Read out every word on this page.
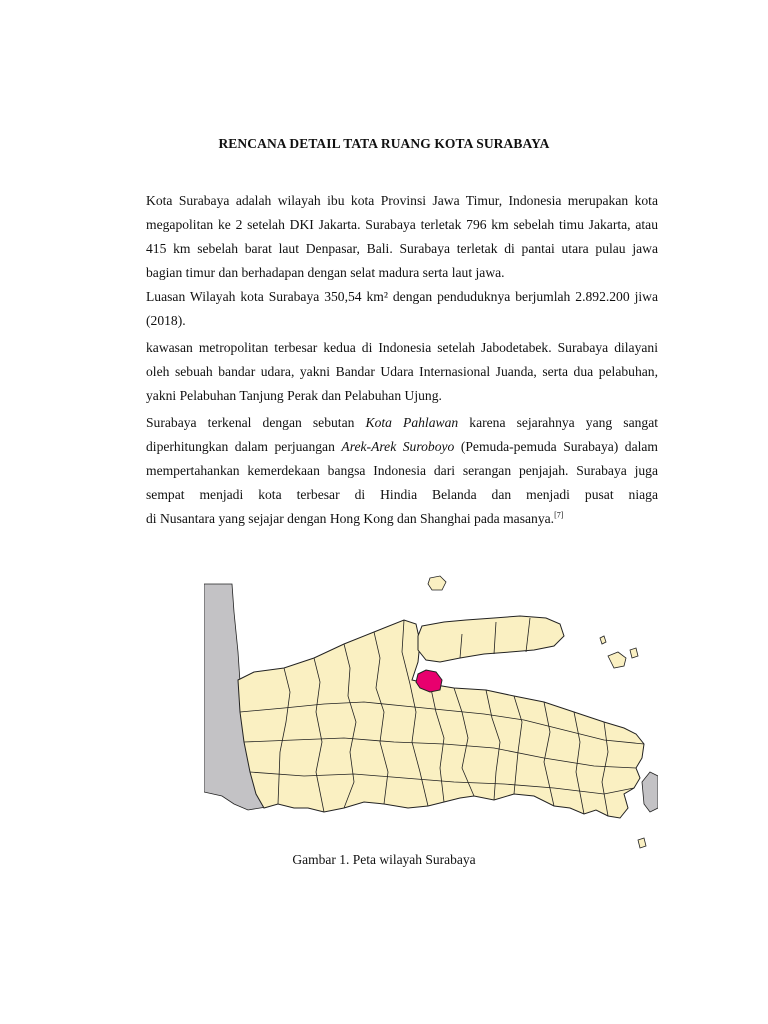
RENCANA DETAIL TATA RUANG KOTA SURABAYA
Kota Surabaya adalah wilayah ibu kota Provinsi Jawa Timur, Indonesia merupakan kota
megapolitan ke 2 setelah DKI Jakarta. Surabaya terletak 796 km sebelah timu Jakarta, atau
415 km sebelah barat laut Denpasar, Bali. Surabaya terletak di pantai utara pulau jawa
bagian timur dan berhadapan dengan selat madura serta laut jawa.
Luasan Wilayah kota Surabaya 350,54 km² dengan penduduknya berjumlah 2.892.200 jiwa
(2018).
kawasan metropolitan terbesar kedua di Indonesia setelah Jabodetabek. Surabaya dilayani
oleh sebuah bandar udara, yakni Bandar Udara Internasional Juanda, serta dua pelabuhan,
yakni Pelabuhan Tanjung Perak dan Pelabuhan Ujung.
Surabaya terkenal dengan sebutan Kota Pahlawan karena sejarahnya yang sangat
diperhitungkan dalam perjuangan Arek-Arek Suroboyo (Pemuda-pemuda Surabaya) dalam
mempertahankan kemerdekaan bangsa Indonesia dari serangan penjajah. Surabaya juga
sempat menjadi kota terbesar di Hindia Belanda dan menjadi pusat niaga
di Nusantara yang sejajar dengan Hong Kong dan Shanghai pada masanya.[7]
Gambar 1. Peta wilayah Surabaya
